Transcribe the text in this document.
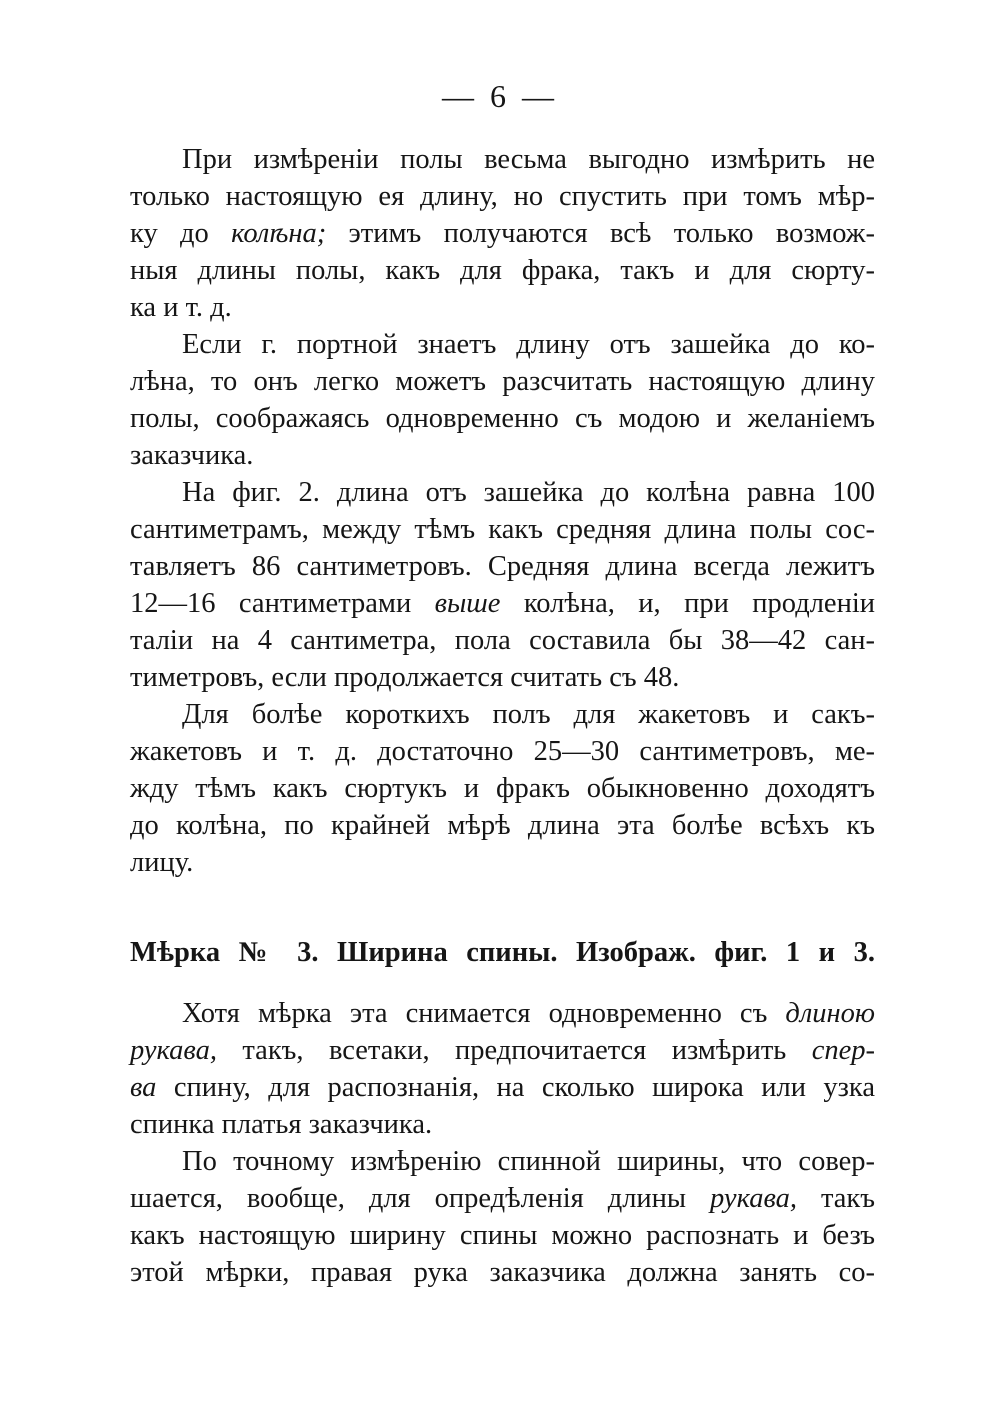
— 6 —
При измѣреніи полы весьма выгодно измѣрить не
только настоящую ея длину, но спустить при томъ мѣр-
ку до колѣна; этимъ получаются всѣ только возмож-
ныя длины полы, какъ для фрака, такъ и для сюрту-
ка и т. д.
Если г. портной знаетъ длину отъ зашейка до ко-
лѣна, то онъ легко можетъ разсчитать настоящую длину
полы, соображаясь одновременно съ модою и желаніемъ
заказчика.
На фиг. 2. длина отъ зашейка до колѣна равна 100
сантиметрамъ, между тѣмъ какъ средняя длина полы сос-
тавляетъ 86 сантиметровъ. Средняя длина всегда лежитъ
12—16 сантиметрами выше колѣна, и, при продленіи
таліи на 4 сантиметра, пола составила бы 38—42 сан-
тиметровъ, если продолжается считать съ 48.
Для болѣе короткихъ полъ для жакетовъ и сакъ-
жакетовъ и т. д. достаточно 25—30 сантиметровъ, ме-
жду тѣмъ какъ сюртукъ и фракъ обыкновенно доходятъ
до колѣна, по крайней мѣрѣ длина эта болѣе всѣхъ къ
лицу.
Мѣрка № 3. Ширина спины. Изображ. фиг. 1 и 3.
Хотя мѣрка эта снимается одновременно съ длиною
рукава, такъ, всетаки, предпочитается измѣрить спер-
ва спину, для распознанія, на сколько широка или узка
спинка платья заказчика.
По точному измѣренію спинной ширины, что совер-
шается, вообще, для опредѣленія длины рукава, такъ
какъ настоящую ширину спины можно распознать и безъ
этой мѣрки, правая рука заказчика должна занять со-
